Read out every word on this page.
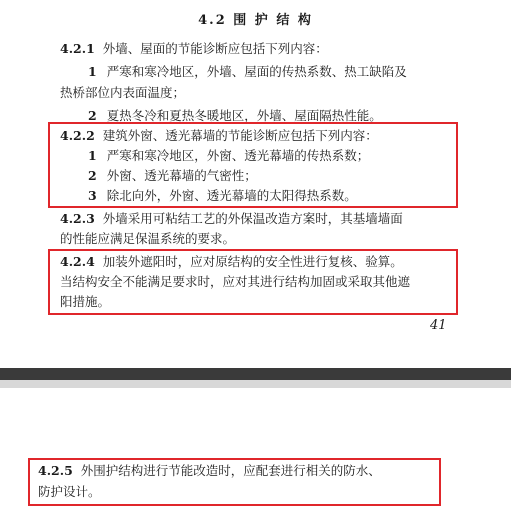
4.2 围 护 结 构
4.2.1 外墙、屋面的节能诊断应包括下列内容：
1 严寒和寒冷地区，外墙、屋面的传热系数、热工缺陷及
热桥部位内表面温度；
2 夏热冬冷和夏热冬暖地区，外墙、屋面隔热性能。
4.2.2 建筑外窗、透光幕墙的节能诊断应包括下列内容：
1 严寒和寒冷地区，外窗、透光幕墙的传热系数；
2 外窗、透光幕墙的气密性；
3 除北向外，外窗、透光幕墙的太阳得热系数。
4.2.3 外墙采用可粘结工艺的外保温改造方案时，其基墙墙面
的性能应满足保温系统的要求。
4.2.4 加装外遮阳时，应对原结构的安全性进行复核、验算。
当结构安全不能满足要求时，应对其进行结构加固或采取其他遮
阳措施。
41
4.2.5 外围护结构进行节能改造时，应配套进行相关的防水、
防护设计。
